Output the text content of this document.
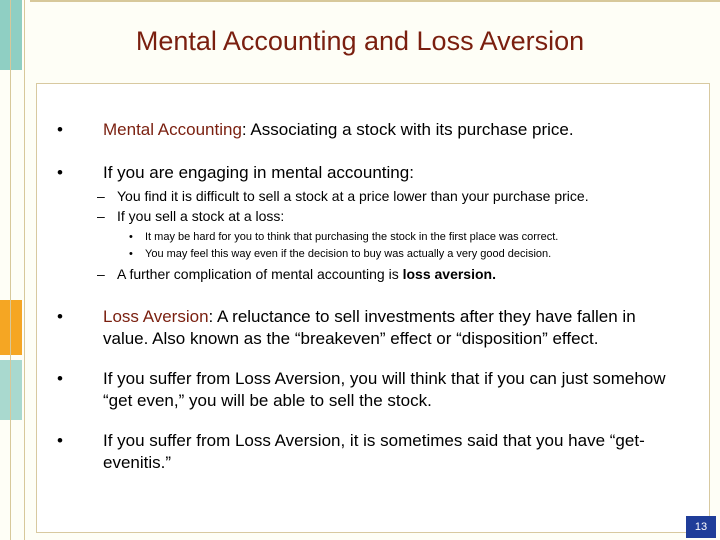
Mental Accounting and Loss Aversion
•	Mental Accounting: Associating a stock with its purchase price.
•	If you are engaging in mental accounting:
– You find it is difficult to sell a stock at a price lower than your purchase price.
– If you sell a stock at a loss:
• It may be hard for you to think that purchasing the stock in the first place was correct.
• You may feel this way even if the decision to buy was actually a very good decision.
– A further complication of mental accounting is loss aversion.
•	Loss Aversion: A reluctance to sell investments after they have fallen in
value. Also known as the “breakeven” effect or “disposition” effect.
•	If you suffer from Loss Aversion, you will think that if you can just somehow
“get even,” you will be able to sell the stock.
•	If you suffer from Loss Aversion, it is sometimes said that you have “get-
evenitis.”
13
